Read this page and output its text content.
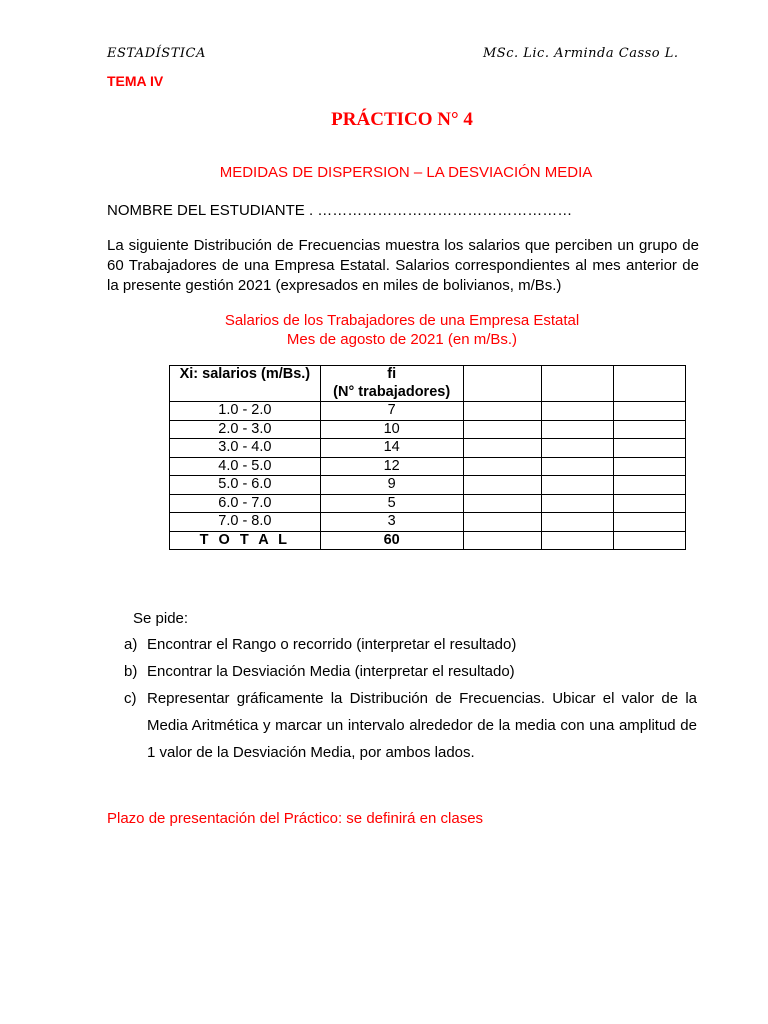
ESTADÍSTICA	MSc. Lic. Arminda Casso L.
TEMA IV
PRÁCTICO N° 4
MEDIDAS DE DISPERSION – LA DESVIACIÓN MEDIA
NOMBRE DEL ESTUDIANTE . ……………………………………………
La siguiente Distribución de Frecuencias muestra los salarios que perciben un grupo de 60 Trabajadores de una Empresa Estatal. Salarios correspondientes al mes anterior de la presente gestión 2021 (expresados en miles de bolivianos, m/Bs.)
Salarios de los Trabajadores de una Empresa Estatal
Mes de agosto de 2021 (en m/Bs.)
Xi: salarios (m/Bs.)	fi
(N° trabajadores)			
1.0 - 2.0	7			
2.0 - 3.0	10			
3.0 - 4.0	14			
4.0 - 5.0	12			
5.0 - 6.0	9			
6.0 - 7.0	5			
7.0 - 8.0	3			
T O T A L	60			
Se pide:
a) Encontrar el Rango o recorrido (interpretar el resultado)
b) Encontrar la Desviación Media (interpretar el resultado)
c) Representar gráficamente la Distribución de Frecuencias. Ubicar el valor de la Media Aritmética y marcar un intervalo alrededor de la media con una amplitud de 1 valor de la Desviación Media, por ambos lados.
Plazo de presentación del Práctico: se definirá en clases
